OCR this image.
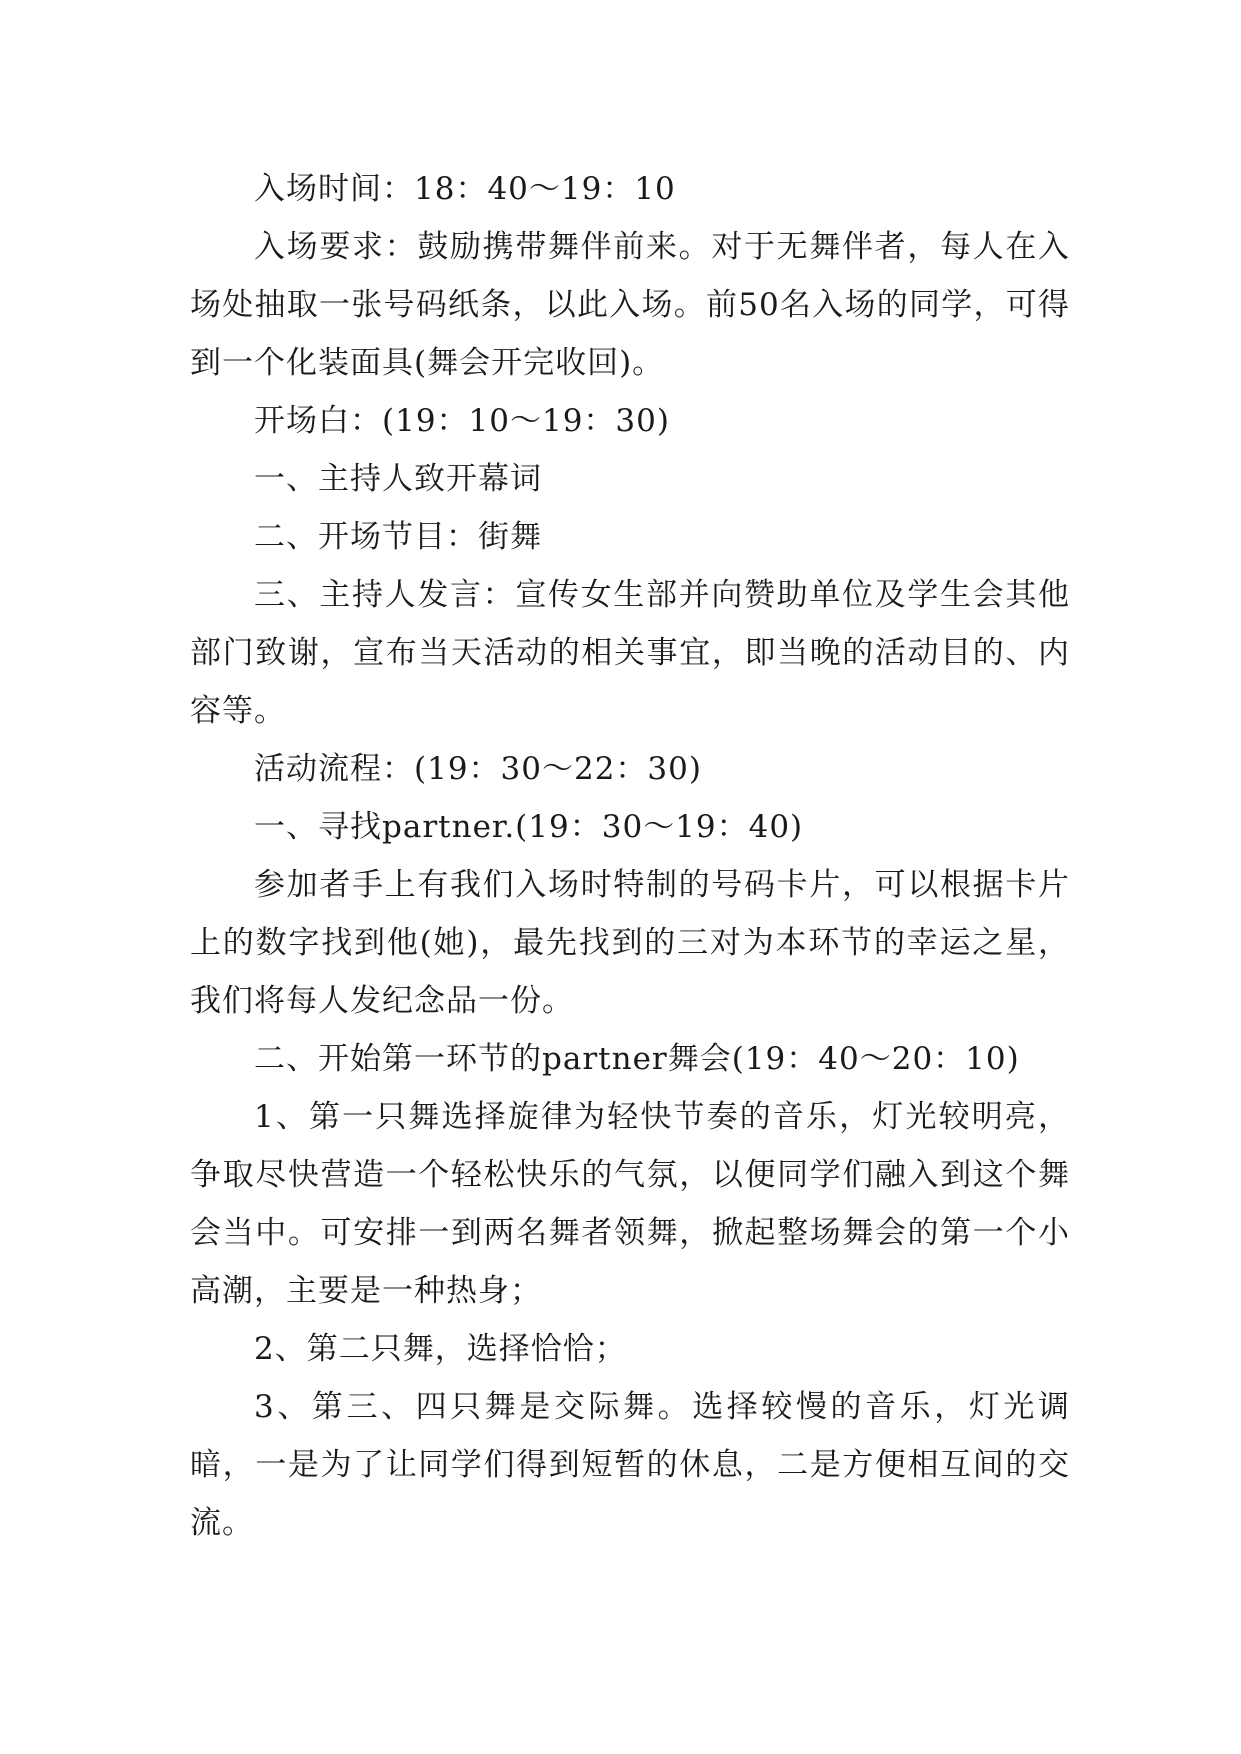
入场时间：18：40～19：10

入场要求：鼓励携带舞伴前来。对于无舞伴者，每人在入场处抽取一张号码纸条，以此入场。前50名入场的同学，可得到一个化装面具(舞会开完收回)。

开场白：(19：10～19：30)

一、主持人致开幕词

二、开场节目：街舞

三、主持人发言：宣传女生部并向赞助单位及学生会其他部门致谢，宣布当天活动的相关事宜，即当晚的活动目的、内容等。

活动流程：(19：30～22：30)

一、寻找partner.(19：30～19：40)

参加者手上有我们入场时特制的号码卡片，可以根据卡片上的数字找到他(她)，最先找到的三对为本环节的幸运之星，我们将每人发纪念品一份。

二、开始第一环节的partner舞会(19：40～20：10)

1、第一只舞选择旋律为轻快节奏的音乐，灯光较明亮，争取尽快营造一个轻松快乐的气氛，以便同学们融入到这个舞会当中。可安排一到两名舞者领舞，掀起整场舞会的第一个小高潮，主要是一种热身；

2、第二只舞，选择恰恰；

3、第三、四只舞是交际舞。选择较慢的音乐，灯光调暗，一是为了让同学们得到短暂的休息，二是方便相互间的交流。
